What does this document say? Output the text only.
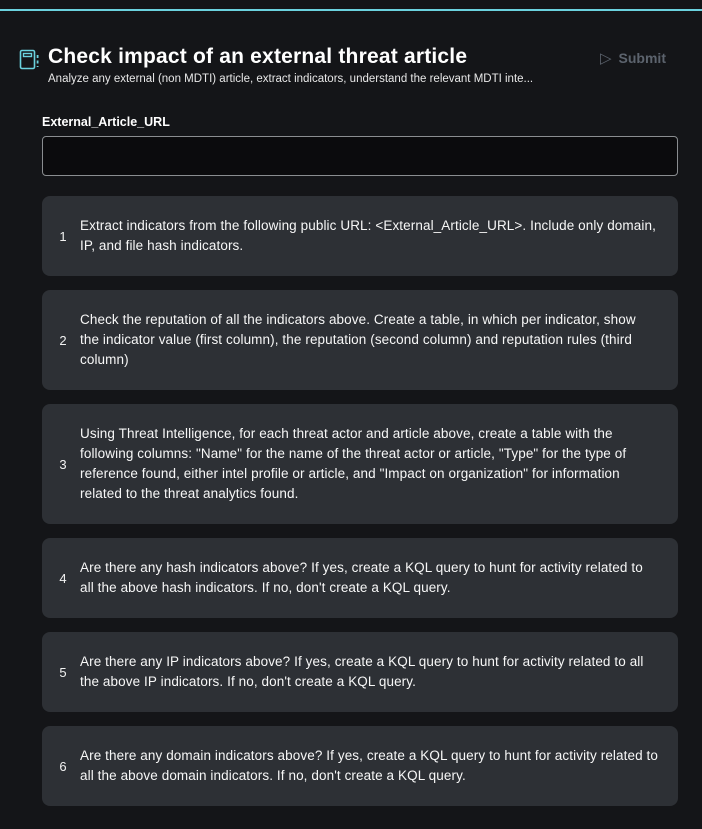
Check impact of an external threat article
Analyze any external (non MDTI) article, extract indicators, understand the relevant MDTI inte...
▷ Submit
External_Article_URL
1
Extract indicators from the following public URL: <External_Article_URL>. Include only domain, IP, and file hash indicators.
2
Check the reputation of all the indicators above. Create a table, in which per indicator, show the indicator value (first column), the reputation (second column) and reputation rules (third column)
3
Using Threat Intelligence, for each threat actor and article above, create a table with the following columns: "Name" for the name of the threat actor or article, "Type" for the type of reference found, either intel profile or article, and "Impact on organization" for information related to the threat analytics found.
4
Are there any hash indicators above? If yes, create a KQL query to hunt for activity related to all the above hash indicators. If no, don't create a KQL query.
5
Are there any IP indicators above? If yes, create a KQL query to hunt for activity related to all the above IP indicators. If no, don't create a KQL query.
6
Are there any domain indicators above? If yes, create a KQL query to hunt for activity related to all the above domain indicators. If no, don't create a KQL query.
